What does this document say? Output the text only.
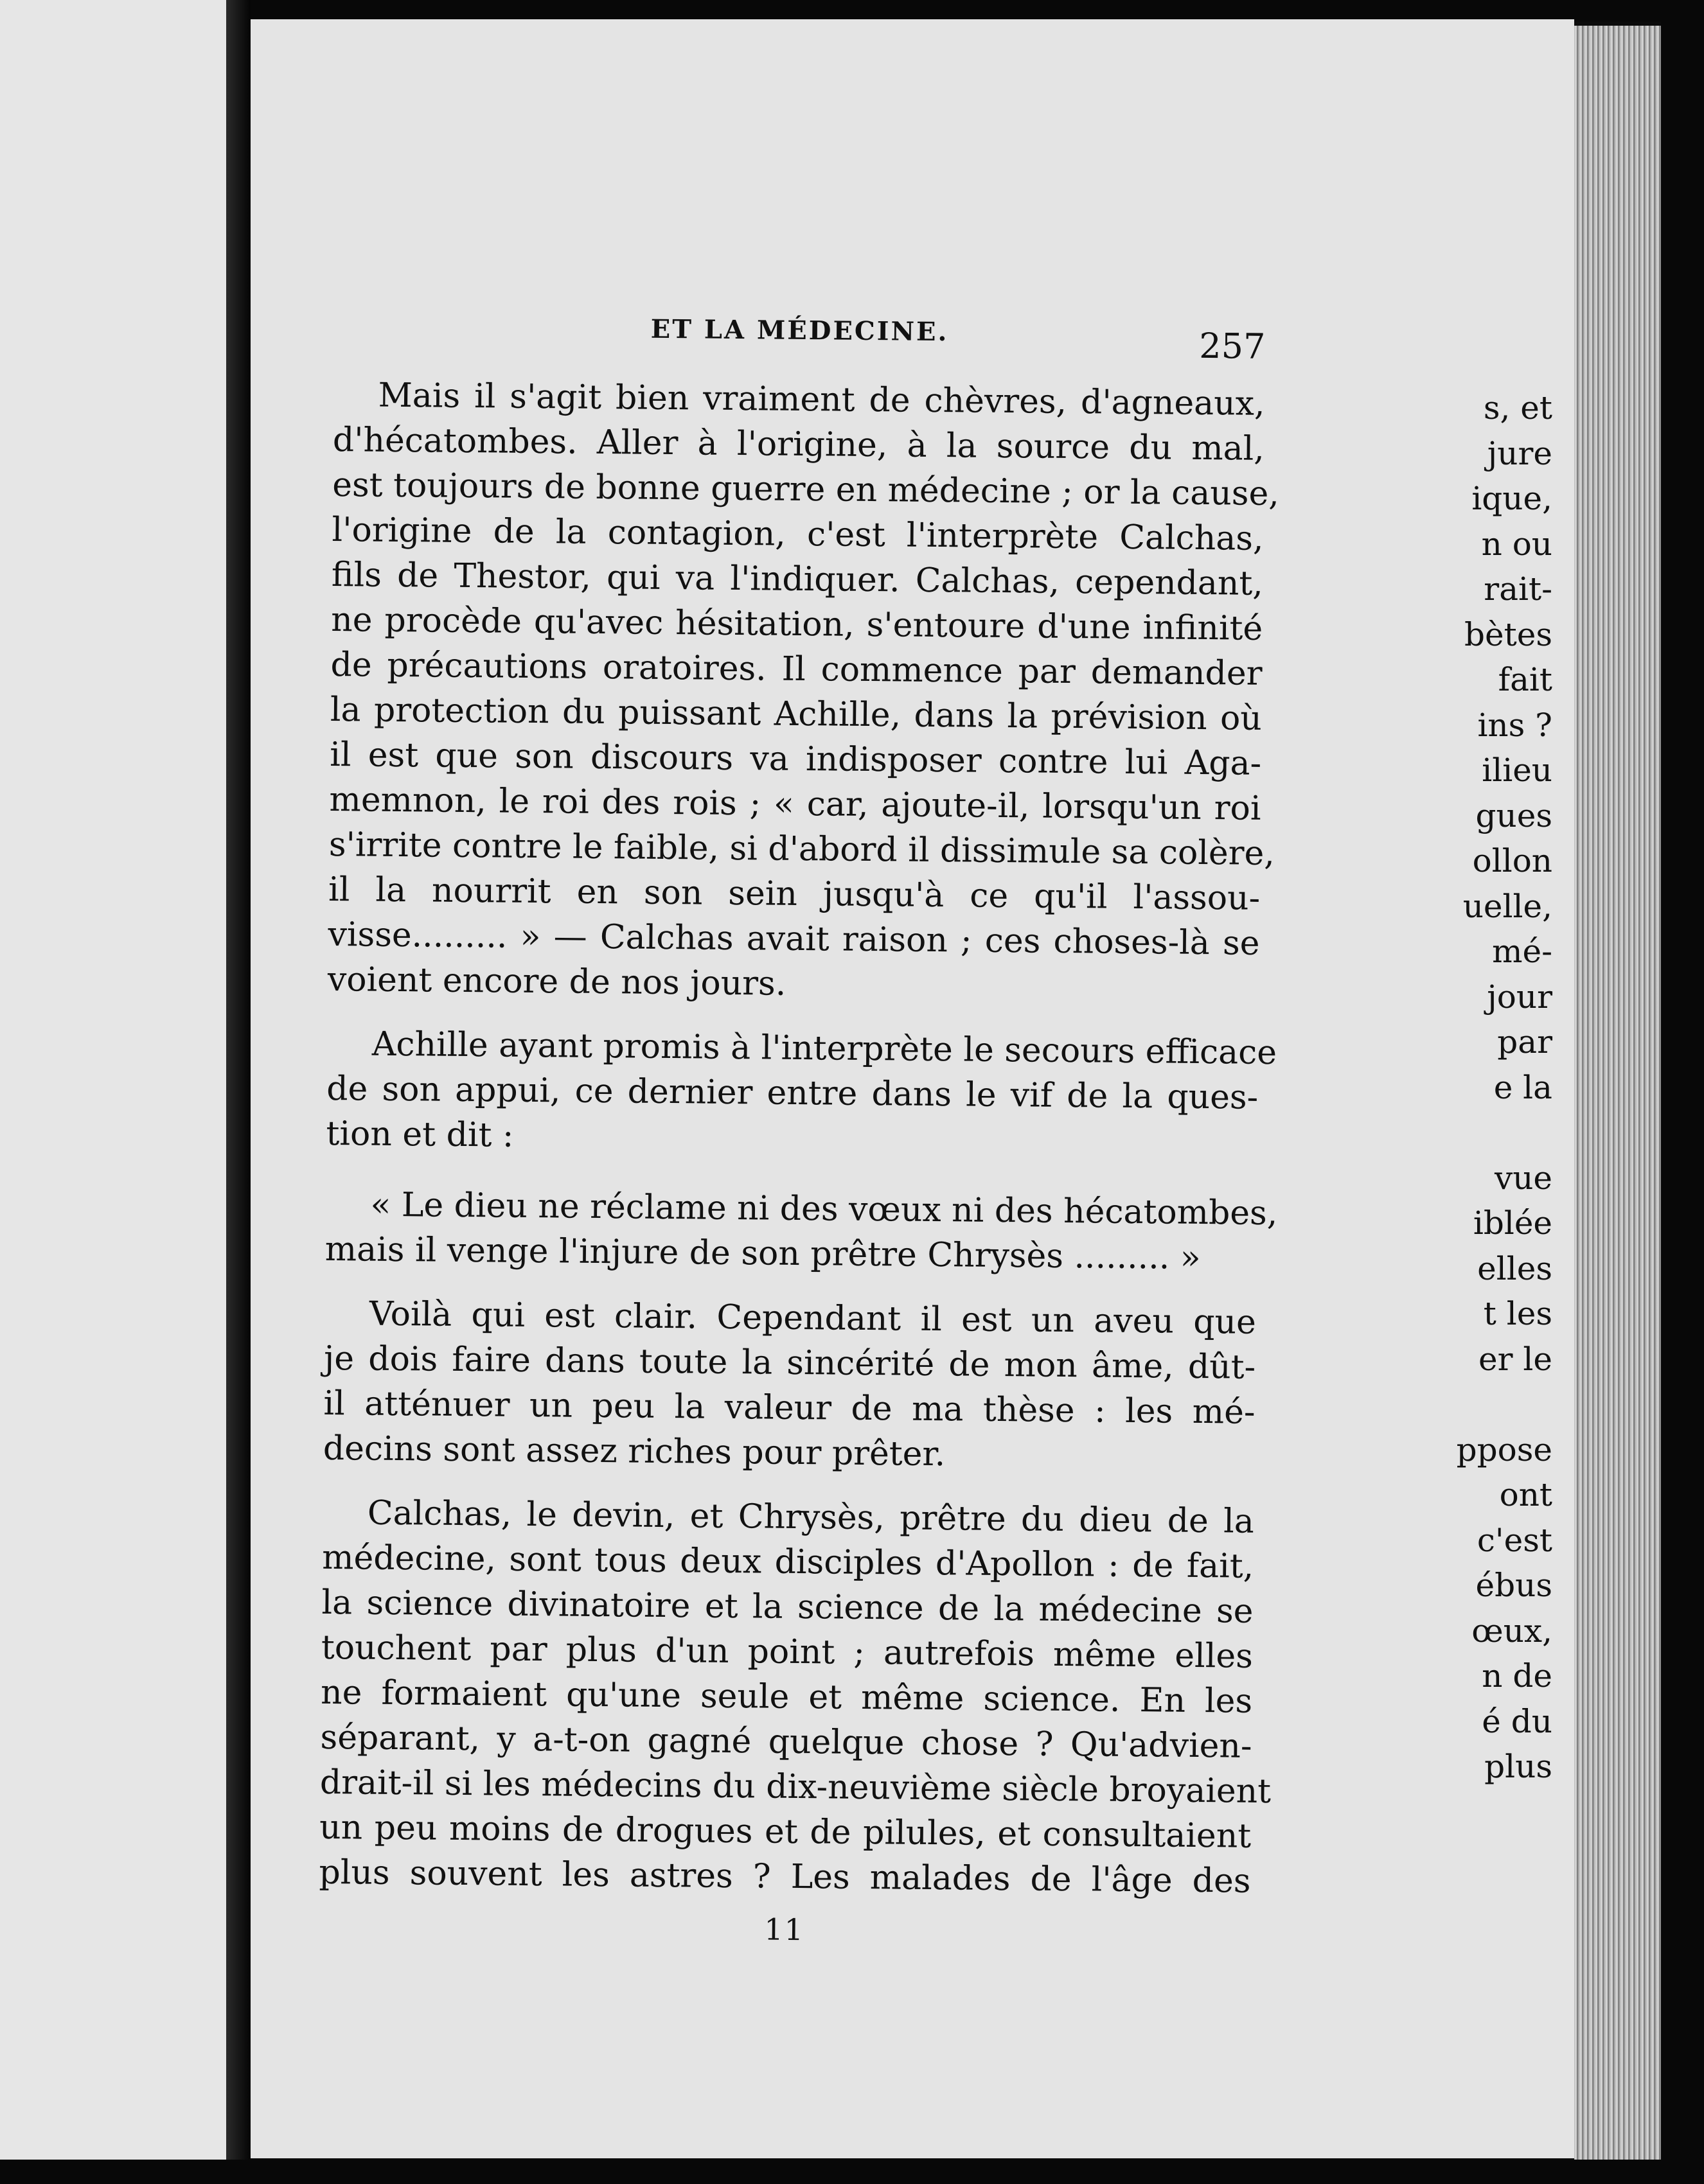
s, et
jure
ique,
n ou
rait-
bètes
fait
ins ?
ilieu
gues
ollon
uelle,
mé-
jour
par
e la
vue
iblée
elles
t les
er le
ppose
ont
c'est
ébus
œux,
n de
é du
plus
ET LA MÉDECINE.	257
Mais il s'agit bien vraiment de chèvres, d'agneaux,
d'hécatombes. Aller à l'origine, à la source du mal,
est toujours de bonne guerre en médecine ; or la cause,
l'origine de la contagion, c'est l'interprète Calchas,
fils de Thestor, qui va l'indiquer. Calchas, cependant,
ne procède qu'avec hésitation, s'entoure d'une infinité
de précautions oratoires. Il commence par demander
la protection du puissant Achille, dans la prévision où
il est que son discours va indisposer contre lui Aga-
memnon, le roi des rois ; « car, ajoute-il, lorsqu'un roi
s'irrite contre le faible, si d'abord il dissimule sa colère,
il la nourrit en son sein jusqu'à ce qu'il l'assou-
visse......... » — Calchas avait raison ; ces choses-là se
voient encore de nos jours.
Achille ayant promis à l'interprète le secours efficace
de son appui, ce dernier entre dans le vif de la ques-
tion et dit :
« Le dieu ne réclame ni des vœux ni des hécatombes,
mais il venge l'injure de son prêtre Chrysès ......... »
Voilà qui est clair. Cependant il est un aveu que
je dois faire dans toute la sincérité de mon âme, dût-
il atténuer un peu la valeur de ma thèse : les mé-
decins sont assez riches pour prêter.
Calchas, le devin, et Chrysès, prêtre du dieu de la
médecine, sont tous deux disciples d'Apollon : de fait,
la science divinatoire et la science de la médecine se
touchent par plus d'un point ; autrefois même elles
ne formaient qu'une seule et même science. En les
séparant, y a-t-on gagné quelque chose ? Qu'advien-
drait-il si les médecins du dix-neuvième siècle broyaient
un peu moins de drogues et de pilules, et consultaient
plus souvent les astres ? Les malades de l'âge des
11
